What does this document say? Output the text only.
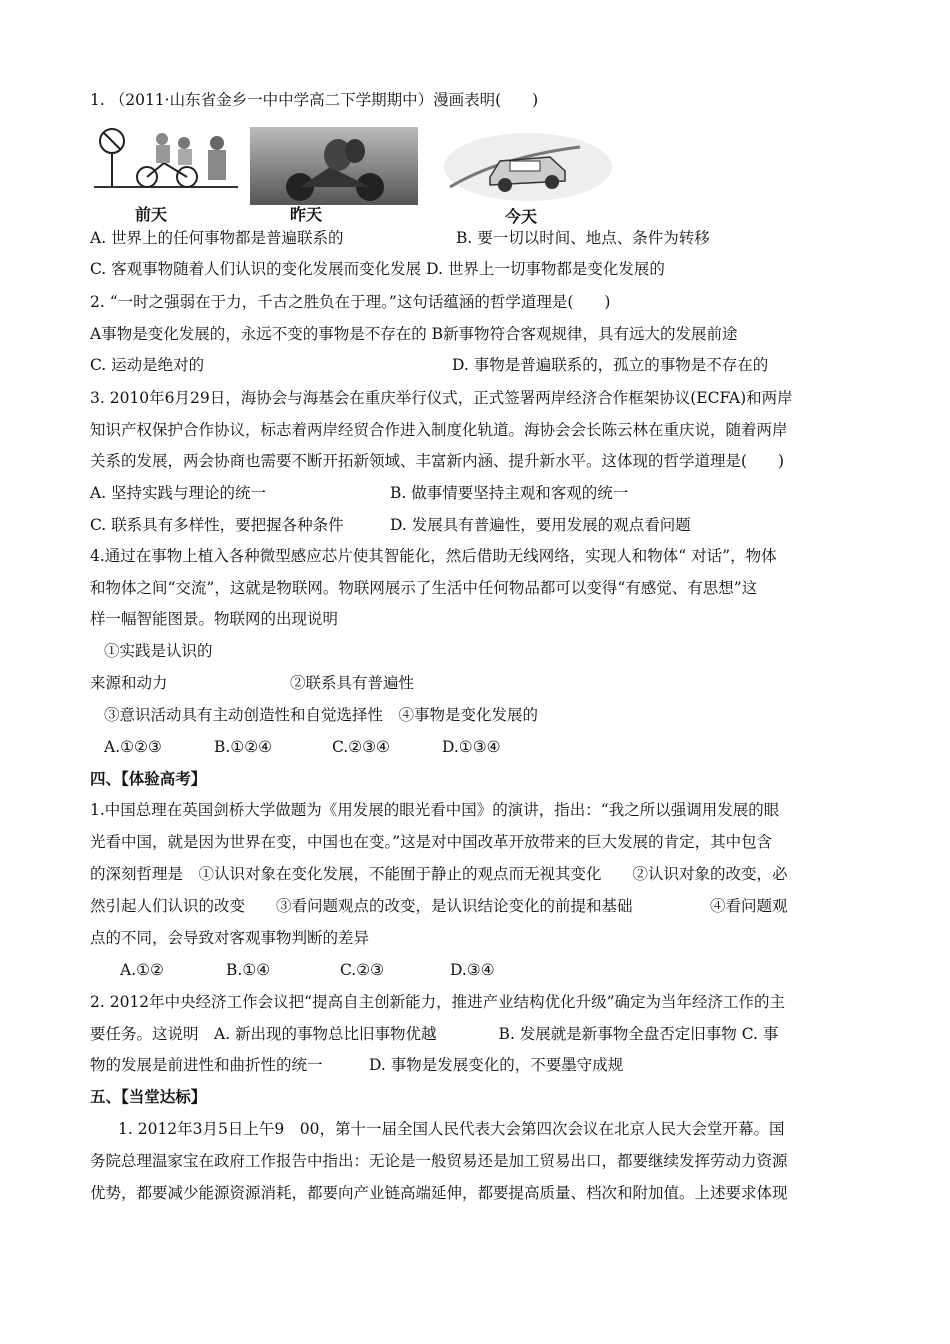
1. （2011·山东省金乡一中中学高二下学期期中）漫画表明(　　)
前天	昨天	今天
A. 世界上的任何事物都是普遍联系的	B. 要一切以时间、地点、条件为转移
C. 客观事物随着人们认识的变化发展而变化发展 D. 世界上一切事物都是变化发展的
2. “一时之强弱在于力，千古之胜负在于理。”这句话蕴涵的哲学道理是(　　)
A事物是变化发展的，永远不变的事物是不存在的 B新事物符合客观规律，具有远大的发展前途
C. 运动是绝对的	D. 事物是普遍联系的，孤立的事物是不存在的
3. 2010年6月29日，海协会与海基会在重庆举行仪式，正式签署两岸经济合作框架协议(ECFA)和两岸
知识产权保护合作协议，标志着两岸经贸合作进入制度化轨道。海协会会长陈云林在重庆说，随着两岸
关系的发展，两会协商也需要不断开拓新领域、丰富新内涵、提升新水平。这体现的哲学道理是(　　)
A. 坚持实践与理论的统一	B. 做事情要坚持主观和客观的统一
C. 联系具有多样性，要把握各种条件	D. 发展具有普遍性，要用发展的观点看问题
4.通过在事物上植入各种微型感应芯片使其智能化，然后借助无线网络，实现人和物体“ 对话”，物体
和物体之间“交流”，这就是物联网。物联网展示了生活中任何物品都可以变得“有感觉、有思想”这
样一幅智能图景。物联网的出现说明
①实践是认识的
来源和动力	②联系具有普遍性
③意识活动具有主动创造性和自觉选择性　④事物是变化发展的
A.①②③	B.①②④	C.②③④	D.①③④
四、【体验高考】
1.中国总理在英国剑桥大学做题为《用发展的眼光看中国》的演讲，指出：“我之所以强调用发展的眼
光看中国，就是因为世界在变，中国也在变。”这是对中国改革开放带来的巨大发展的肯定，其中包含
的深刻哲理是　①认识对象在变化发展，不能囿于静止的观点而无视其变化　　②认识对象的改变，必
然引起人们认识的改变　　③看问题观点的改变，是认识结论变化的前提和基础　　　　　④看问题观
点的不同，会导致对客观事物判断的差异
A.①②	B.①④	C.②③	D.③④
2. 2012年中央经济工作会议把“提高自主创新能力，推进产业结构优化升级”确定为当年经济工作的主
要任务。这说明　A. 新出现的事物总比旧事物优越　　　　B. 发展就是新事物全盘否定旧事物 C. 事
物的发展是前进性和曲折性的统一　　　D. 事物是发展变化的，不要墨守成规
五、【当堂达标】
1. 2012年3月5日上午9　00，第十一届全国人民代表大会第四次会议在北京人民大会堂开幕。国
务院总理温家宝在政府工作报告中指出：无论是一般贸易还是加工贸易出口，都要继续发挥劳动力资源
优势，都要减少能源资源消耗，都要向产业链高端延伸，都要提高质量、档次和附加值。上述要求体现
